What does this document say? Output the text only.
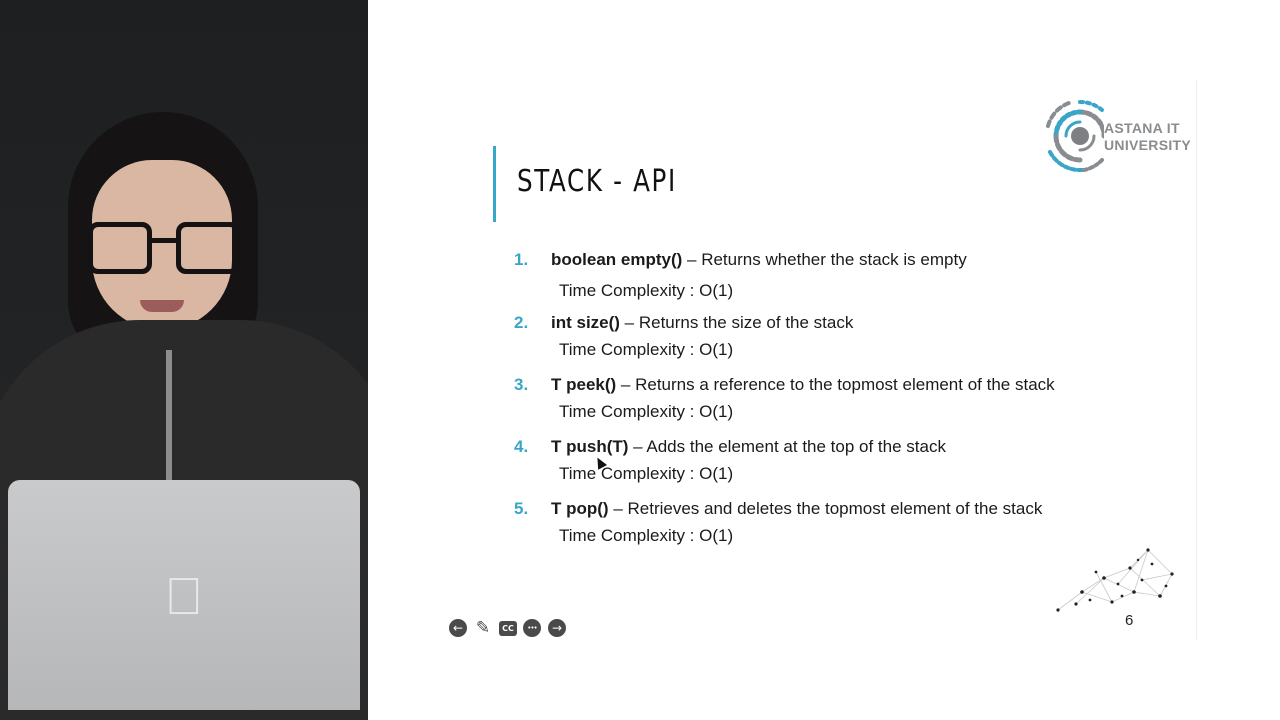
STACK - API
ASTANA IT
UNIVERSITY
1. boolean empty() – Returns whether the stack is empty
Time Complexity : O(1)
2. int size() – Returns the size of the stack
Time Complexity : O(1)
3. T peek() – Returns a reference to the topmost element of the stack
Time Complexity : O(1)
4. T push(T) – Adds the element at the top of the stack
Time Complexity : O(1)
5. T pop() – Retrieves and deletes the topmost element of the stack
Time Complexity : O(1)
6
← ✎	CC	•••	→
